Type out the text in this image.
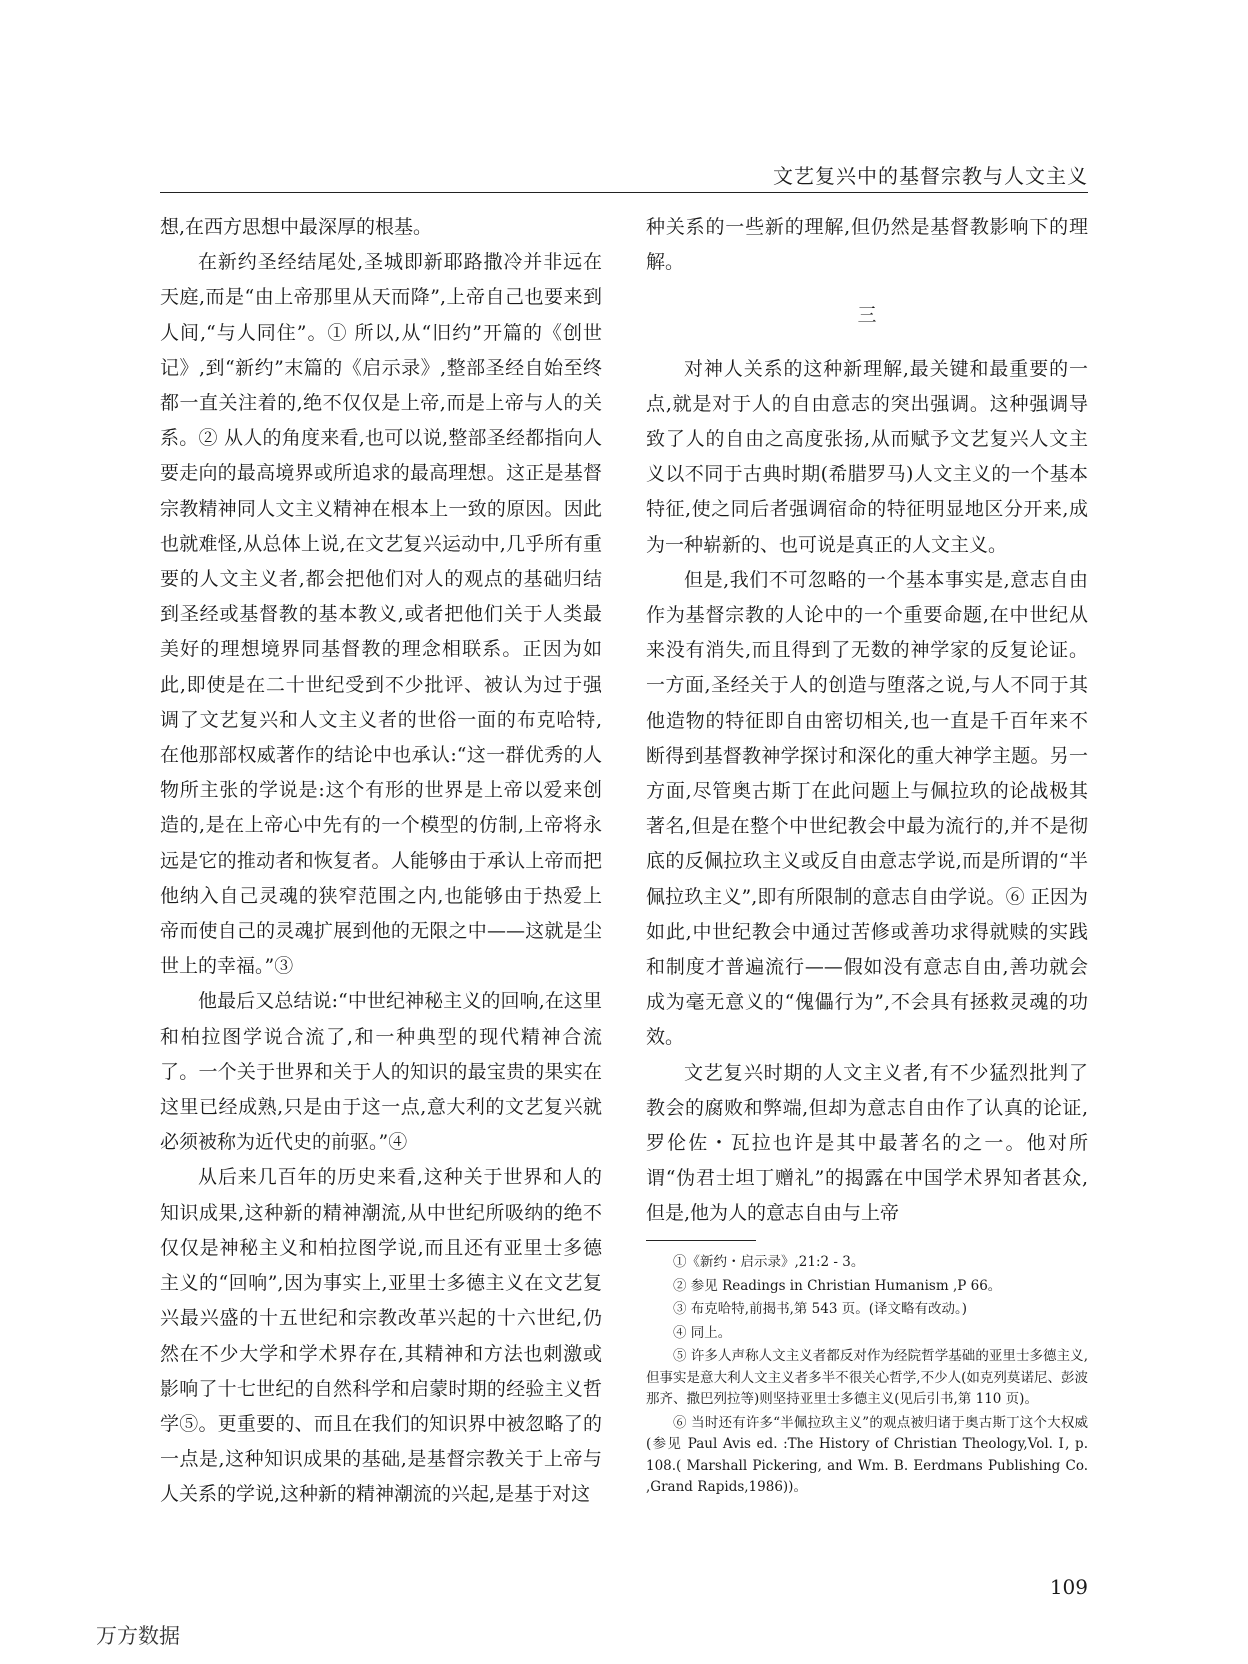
文艺复兴中的基督宗教与人文主义

想,在西方思想中最深厚的根基。

在新约圣经结尾处,圣城即新耶路撒冷并非远在天庭,而是“由上帝那里从天而降”,上帝自己也要来到人间,“与人同住”。① 所以,从“旧约”开篇的《创世记》,到“新约”末篇的《启示录》,整部圣经自始至终都一直关注着的,绝不仅仅是上帝,而是上帝与人的关系。② 从人的角度来看,也可以说,整部圣经都指向人要走向的最高境界或所追求的最高理想。这正是基督宗教精神同人文主义精神在根本上一致的原因。因此也就难怪,从总体上说,在文艺复兴运动中,几乎所有重要的人文主义者,都会把他们对人的观点的基础归结到圣经或基督教的基本教义,或者把他们关于人类最美好的理想境界同基督教的理念相联系。正因为如此,即使是在二十世纪受到不少批评、被认为过于强调了文艺复兴和人文主义者的世俗一面的布克哈特,在他那部权威著作的结论中也承认:“这一群优秀的人物所主张的学说是:这个有形的世界是上帝以爱来创造的,是在上帝心中先有的一个模型的仿制,上帝将永远是它的推动者和恢复者。人能够由于承认上帝而把他纳入自己灵魂的狭窄范围之内,也能够由于热爱上帝而使自己的灵魂扩展到他的无限之中——这就是尘世上的幸福。”③

他最后又总结说:“中世纪神秘主义的回响,在这里和柏拉图学说合流了,和一种典型的现代精神合流了。一个关于世界和关于人的知识的最宝贵的果实在这里已经成熟,只是由于这一点,意大利的文艺复兴就必须被称为近代史的前驱。”④

从后来几百年的历史来看,这种关于世界和人的知识成果,这种新的精神潮流,从中世纪所吸纳的绝不仅仅是神秘主义和柏拉图学说,而且还有亚里士多德主义的“回响”,因为事实上,亚里士多德主义在文艺复兴最兴盛的十五世纪和宗教改革兴起的十六世纪,仍然在不少大学和学术界存在,其精神和方法也刺激或影响了十七世纪的自然科学和启蒙时期的经验主义哲学⑤。更重要的、而且在我们的知识界中被忽略了的一点是,这种知识成果的基础,是基督宗教关于上帝与人关系的学说,这种新的精神潮流的兴起,是基于对这

种关系的一些新的理解,但仍然是基督教影响下的理解。

三

对神人关系的这种新理解,最关键和最重要的一点,就是对于人的自由意志的突出强调。这种强调导致了人的自由之高度张扬,从而赋予文艺复兴人文主义以不同于古典时期(希腊罗马)人文主义的一个基本特征,使之同后者强调宿命的特征明显地区分开来,成为一种崭新的、也可说是真正的人文主义。

但是,我们不可忽略的一个基本事实是,意志自由作为基督宗教的人论中的一个重要命题,在中世纪从来没有消失,而且得到了无数的神学家的反复论证。一方面,圣经关于人的创造与堕落之说,与人不同于其他造物的特征即自由密切相关,也一直是千百年来不断得到基督教神学探讨和深化的重大神学主题。另一方面,尽管奥古斯丁在此问题上与佩拉玖的论战极其著名,但是在整个中世纪教会中最为流行的,并不是彻底的反佩拉玖主义或反自由意志学说,而是所谓的“半佩拉玖主义”,即有所限制的意志自由学说。⑥ 正因为如此,中世纪教会中通过苦修或善功求得就赎的实践和制度才普遍流行——假如没有意志自由,善功就会成为毫无意义的“傀儡行为”,不会具有拯救灵魂的功效。

文艺复兴时期的人文主义者,有不少猛烈批判了教会的腐败和弊端,但却为意志自由作了认真的论证,罗伦佐・瓦拉也许是其中最著名的之一。他对所谓“伪君士坦丁赠礼”的揭露在中国学术界知者甚众,但是,他为人的意志自由与上帝

①《新约・启示录》,21:2 - 3。

② 参见 Readings in Christian Humanism ,P 66。

③ 布克哈特,前揭书,第 543 页。(译文略有改动。)

④ 同上。

⑤ 许多人声称人文主义者都反对作为经院哲学基础的亚里士多德主义,但事实是意大利人文主义者多半不很关心哲学,不少人(如克列莫诺尼、彭波那齐、撒巴列拉等)则坚持亚里士多德主义(见后引书,第 110 页)。

⑥ 当时还有许多“半佩拉玖主义”的观点被归诸于奥古斯丁这个大权威(参见 Paul Avis ed. :The History of Christian Theology,Vol. Ⅰ, p. 108.( Marshall Pickering, and Wm. B. Eerdmans Publishing Co. ,Grand Rapids,1986))。

109
万方数据
